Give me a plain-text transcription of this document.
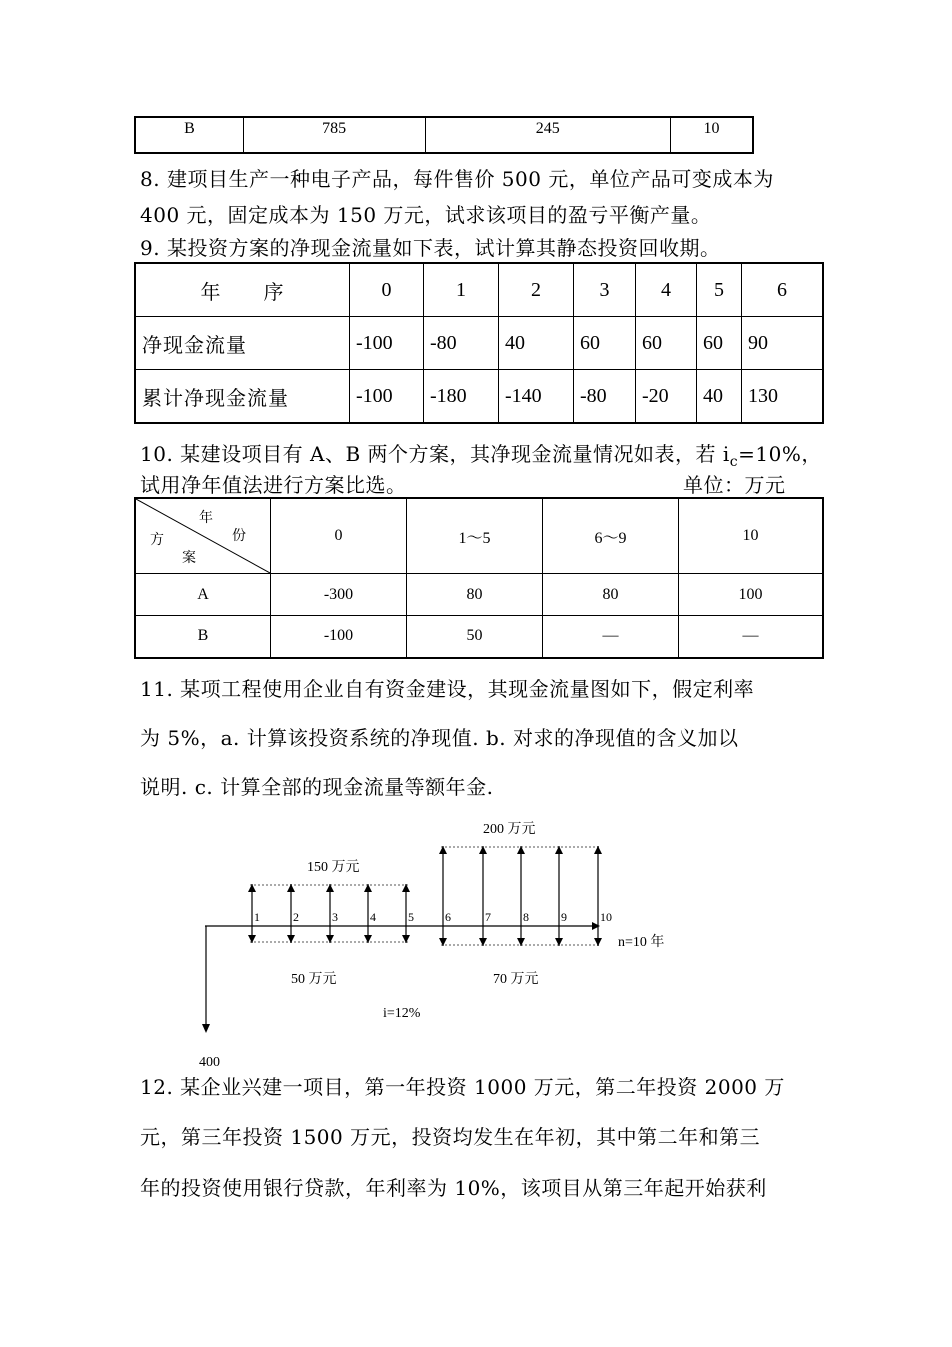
B	785	245	10
8. 建项目生产一种电子产品，每件售价 500 元，单位产品可变成本为
400 元，固定成本为 150 万元，试求该项目的盈亏平衡产量。
9. 某投资方案的净现金流量如下表，试计算其静态投资回收期。
年　　序	0	1	2	3	4	5	6
净现金流量	-100	-80	40	60	60	60	90
累计净现金流量	-100	-180	-140	-80	-20	40	130
10. 某建设项目有 A、B 两个方案，其净现金流量情况如表，若 $i_c=10\%$，
试用净年值法进行方案比选。	单位：万元
年
份
方
案	0	1～5	6～9	10
A	-300	80	80	100
B	-100	50	—	—
11. 某项工程使用企业自有资金建设，其现金流量图如下，假定利率
为 5%，a. 计算该投资系统的净现值. b. 对求的净现值的含义加以
说明. c. 计算全部的现金流量等额年金.
200 万元
150 万元
50 万元	70 万元
n=10 年
i=12%
400
1	2	3	4	5	6	7	8	9	10
12. 某企业兴建一项目，第一年投资 1000 万元，第二年投资 2000 万
元，第三年投资 1500 万元，投资均发生在年初，其中第二年和第三
年的投资使用银行贷款，年利率为 10%，该项目从第三年起开始获利
